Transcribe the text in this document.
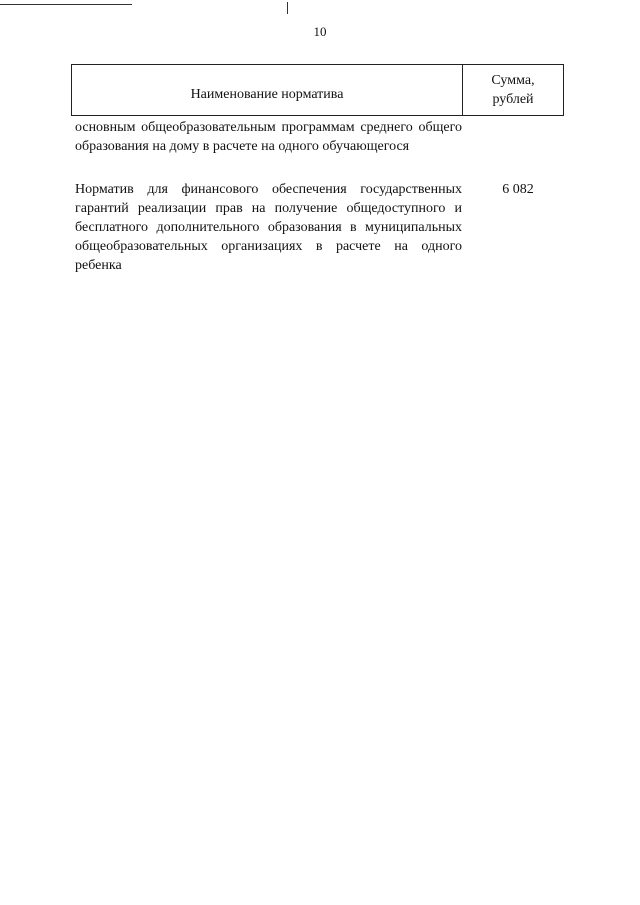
10
Наименование норматива
Сумма,
рублей
основным общеобразовательным программам среднего общего образования на дому в расчете на одного обучающегося
Норматив для финансового обеспечения государственных гарантий реализации прав на получение общедоступного и бесплатного дополнительного образования в муниципальных общеобразовательных организациях в расчете на одного ребенка
6 082
